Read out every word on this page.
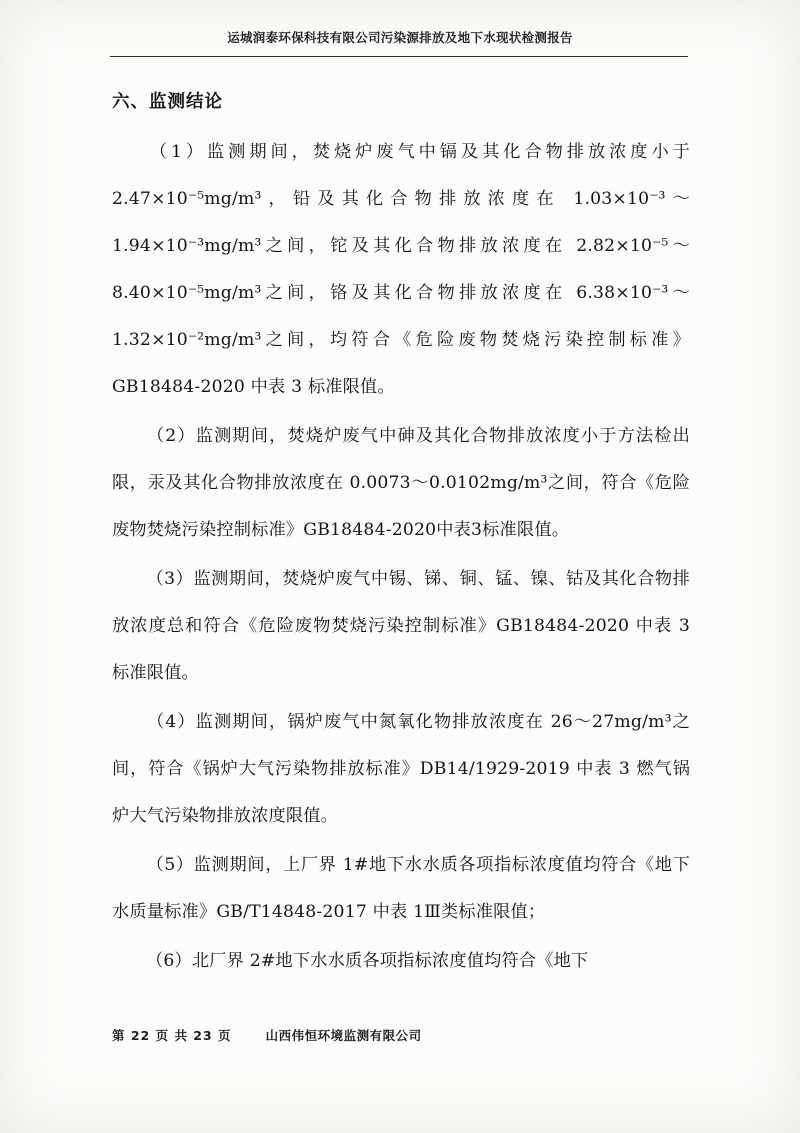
运城润泰环保科技有限公司污染源排放及地下水现状检测报告
六、监测结论

（1）监测期间，焚烧炉废气中镉及其化合物排放浓度小于 2.47×10⁻⁵mg/m³，铅及其化合物排放浓度在 1.03×10⁻³～1.94×10⁻³mg/m³之间，铊及其化合物排放浓度在 2.82×10⁻⁵～8.40×10⁻⁵mg/m³之间，铬及其化合物排放浓度在 6.38×10⁻³～1.32×10⁻²mg/m³之间，均符合《危险废物焚烧污染控制标准》GB18484-2020 中表 3 标准限值。

（2）监测期间，焚烧炉废气中砷及其化合物排放浓度小于方法检出限，汞及其化合物排放浓度在 0.0073～0.0102mg/m³之间，符合《危险废物焚烧污染控制标准》GB18484-2020中表3标准限值。

（3）监测期间，焚烧炉废气中锡、锑、铜、锰、镍、钴及其化合物排放浓度总和符合《危险废物焚烧污染控制标准》GB18484-2020 中表 3 标准限值。

（4）监测期间，锅炉废气中氮氧化物排放浓度在 26～27mg/m³之间，符合《锅炉大气污染物排放标准》DB14/1929-2019 中表 3 燃气锅炉大气污染物排放浓度限值。

（5）监测期间，上厂界 1#地下水水质各项指标浓度值均符合《地下水质量标准》GB/T14848-2017 中表 1Ⅲ类标准限值；

（6）北厂界 2#地下水水质各项指标浓度值均符合《地下

第 22 页 共 23 页	山西伟恒环境监测有限公司
